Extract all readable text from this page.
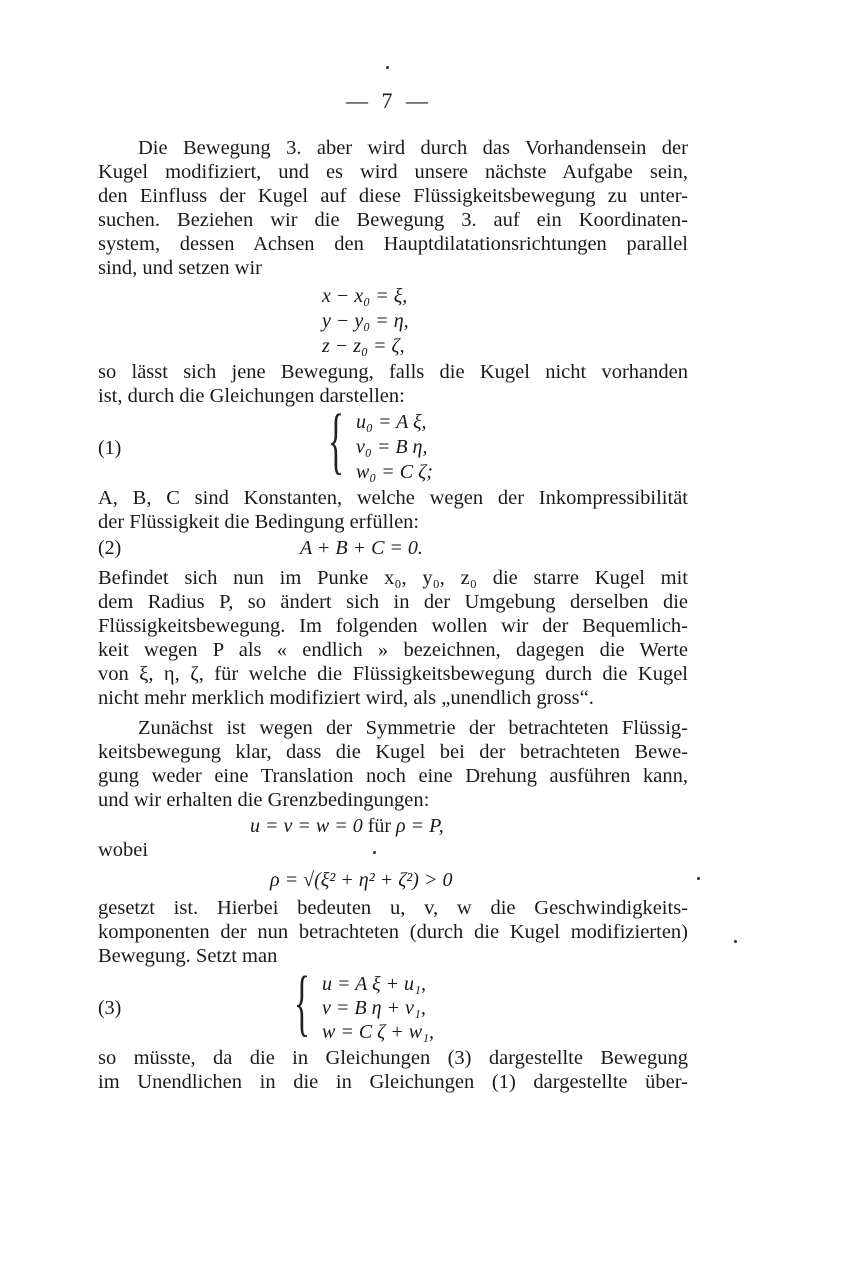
— 7 —
Die Bewegung 3. aber wird durch das Vorhandensein der
Kugel modifiziert, und es wird unsere nächste Aufgabe sein,
den Einfluss der Kugel auf diese Flüssigkeitsbewegung zu unter-
suchen. Beziehen wir die Bewegung 3. auf ein Koordinaten-
system, dessen Achsen den Hauptdilatationsrichtungen parallel
sind, und setzen wir
x − x₀ = ξ,
y − y₀ = η,
z − z₀ = ζ,
so lässt sich jene Bewegung, falls die Kugel nicht vorhanden
ist, durch die Gleichungen darstellen:
(1)	{ u₀ = A ξ,
v₀ = B η,
w₀ = C ζ;
A, B, C sind Konstanten, welche wegen der Inkompressibilität
der Flüssigkeit die Bedingung erfüllen:
(2)	A + B + C = 0.
Befindet sich nun im Punke x₀, y₀, z₀ die starre Kugel mit
dem Radius P, so ändert sich in der Umgebung derselben die
Flüssigkeitsbewegung. Im folgenden wollen wir der Bequemlich-
keit wegen P als « endlich » bezeichnen, dagegen die Werte
von ξ, η, ζ, für welche die Flüssigkeitsbewegung durch die Kugel
nicht mehr merklich modifiziert wird, als „unendlich gross“.
Zunächst ist wegen der Symmetrie der betrachteten Flüssig-
keitsbewegung klar, dass die Kugel bei der betrachteten Bewe-
gung weder eine Translation noch eine Drehung ausführen kann,
und wir erhalten die Grenzbedingungen:
u = v = w = 0 für ρ = P,
wobei
ρ = √(ξ² + η² + ζ²) > 0
gesetzt ist. Hierbei bedeuten u, v, w die Geschwindigkeits-
komponenten der nun betrachteten (durch die Kugel modifizierten)
Bewegung. Setzt man
(3) { u = A ξ + u₁,
v = B η + v₁,
w = C ζ + w₁,
so müsste, da die in Gleichungen (3) dargestellte Bewegung
im Unendlichen in die in Gleichungen (1) dargestellte über-
